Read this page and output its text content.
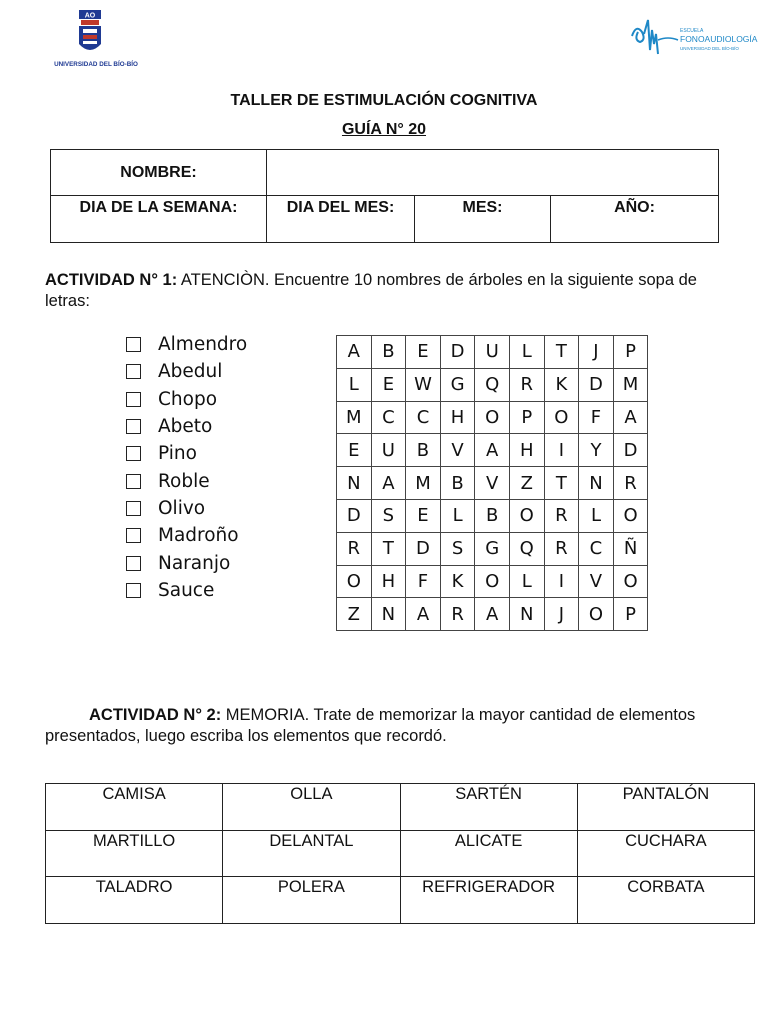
AO
UNIVERSIDAD DEL BÍO-BÍO
ESCUELA
FONOAUDIOLOGÍA
UNIVERSIDAD DEL BÍO-BÍO
TALLER DE ESTIMULACIÓN COGNITIVA
GUÍA N° 20
NOMBRE:			
DIA DE LA SEMANA:	DIA DEL MES:	MES:	AÑO:
ACTIVIDAD N° 1: ATENCIÒN. Encuentre 10 nombres de árboles en la siguiente sopa de letras:
Almendro
Abedul
Chopo
Abeto
Pino
Roble
Olivo
Madroño
Naranjo
Sauce
A	B	E	D	U	L	T	J	P
L	E	W	G	Q	R	K	D	M
M	C	C	H	O	P	O	F	A
E	U	B	V	A	H	I	Y	D
N	A	M	B	V	Z	T	N	R
D	S	E	L	B	O	R	L	O
R	T	D	S	G	Q	R	C	Ñ
O	H	F	K	O	L	I	V	O
Z	N	A	R	A	N	J	O	P
ACTIVIDAD N° 2: MEMORIA. Trate de memorizar la mayor cantidad de elementos presentados, luego escriba los elementos que recordó.
CAMISA	OLLA	SARTÉN	PANTALÓN
MARTILLO	DELANTAL	ALICATE	CUCHARA
TALADRO	POLERA	REFRIGERADOR	CORBATA
